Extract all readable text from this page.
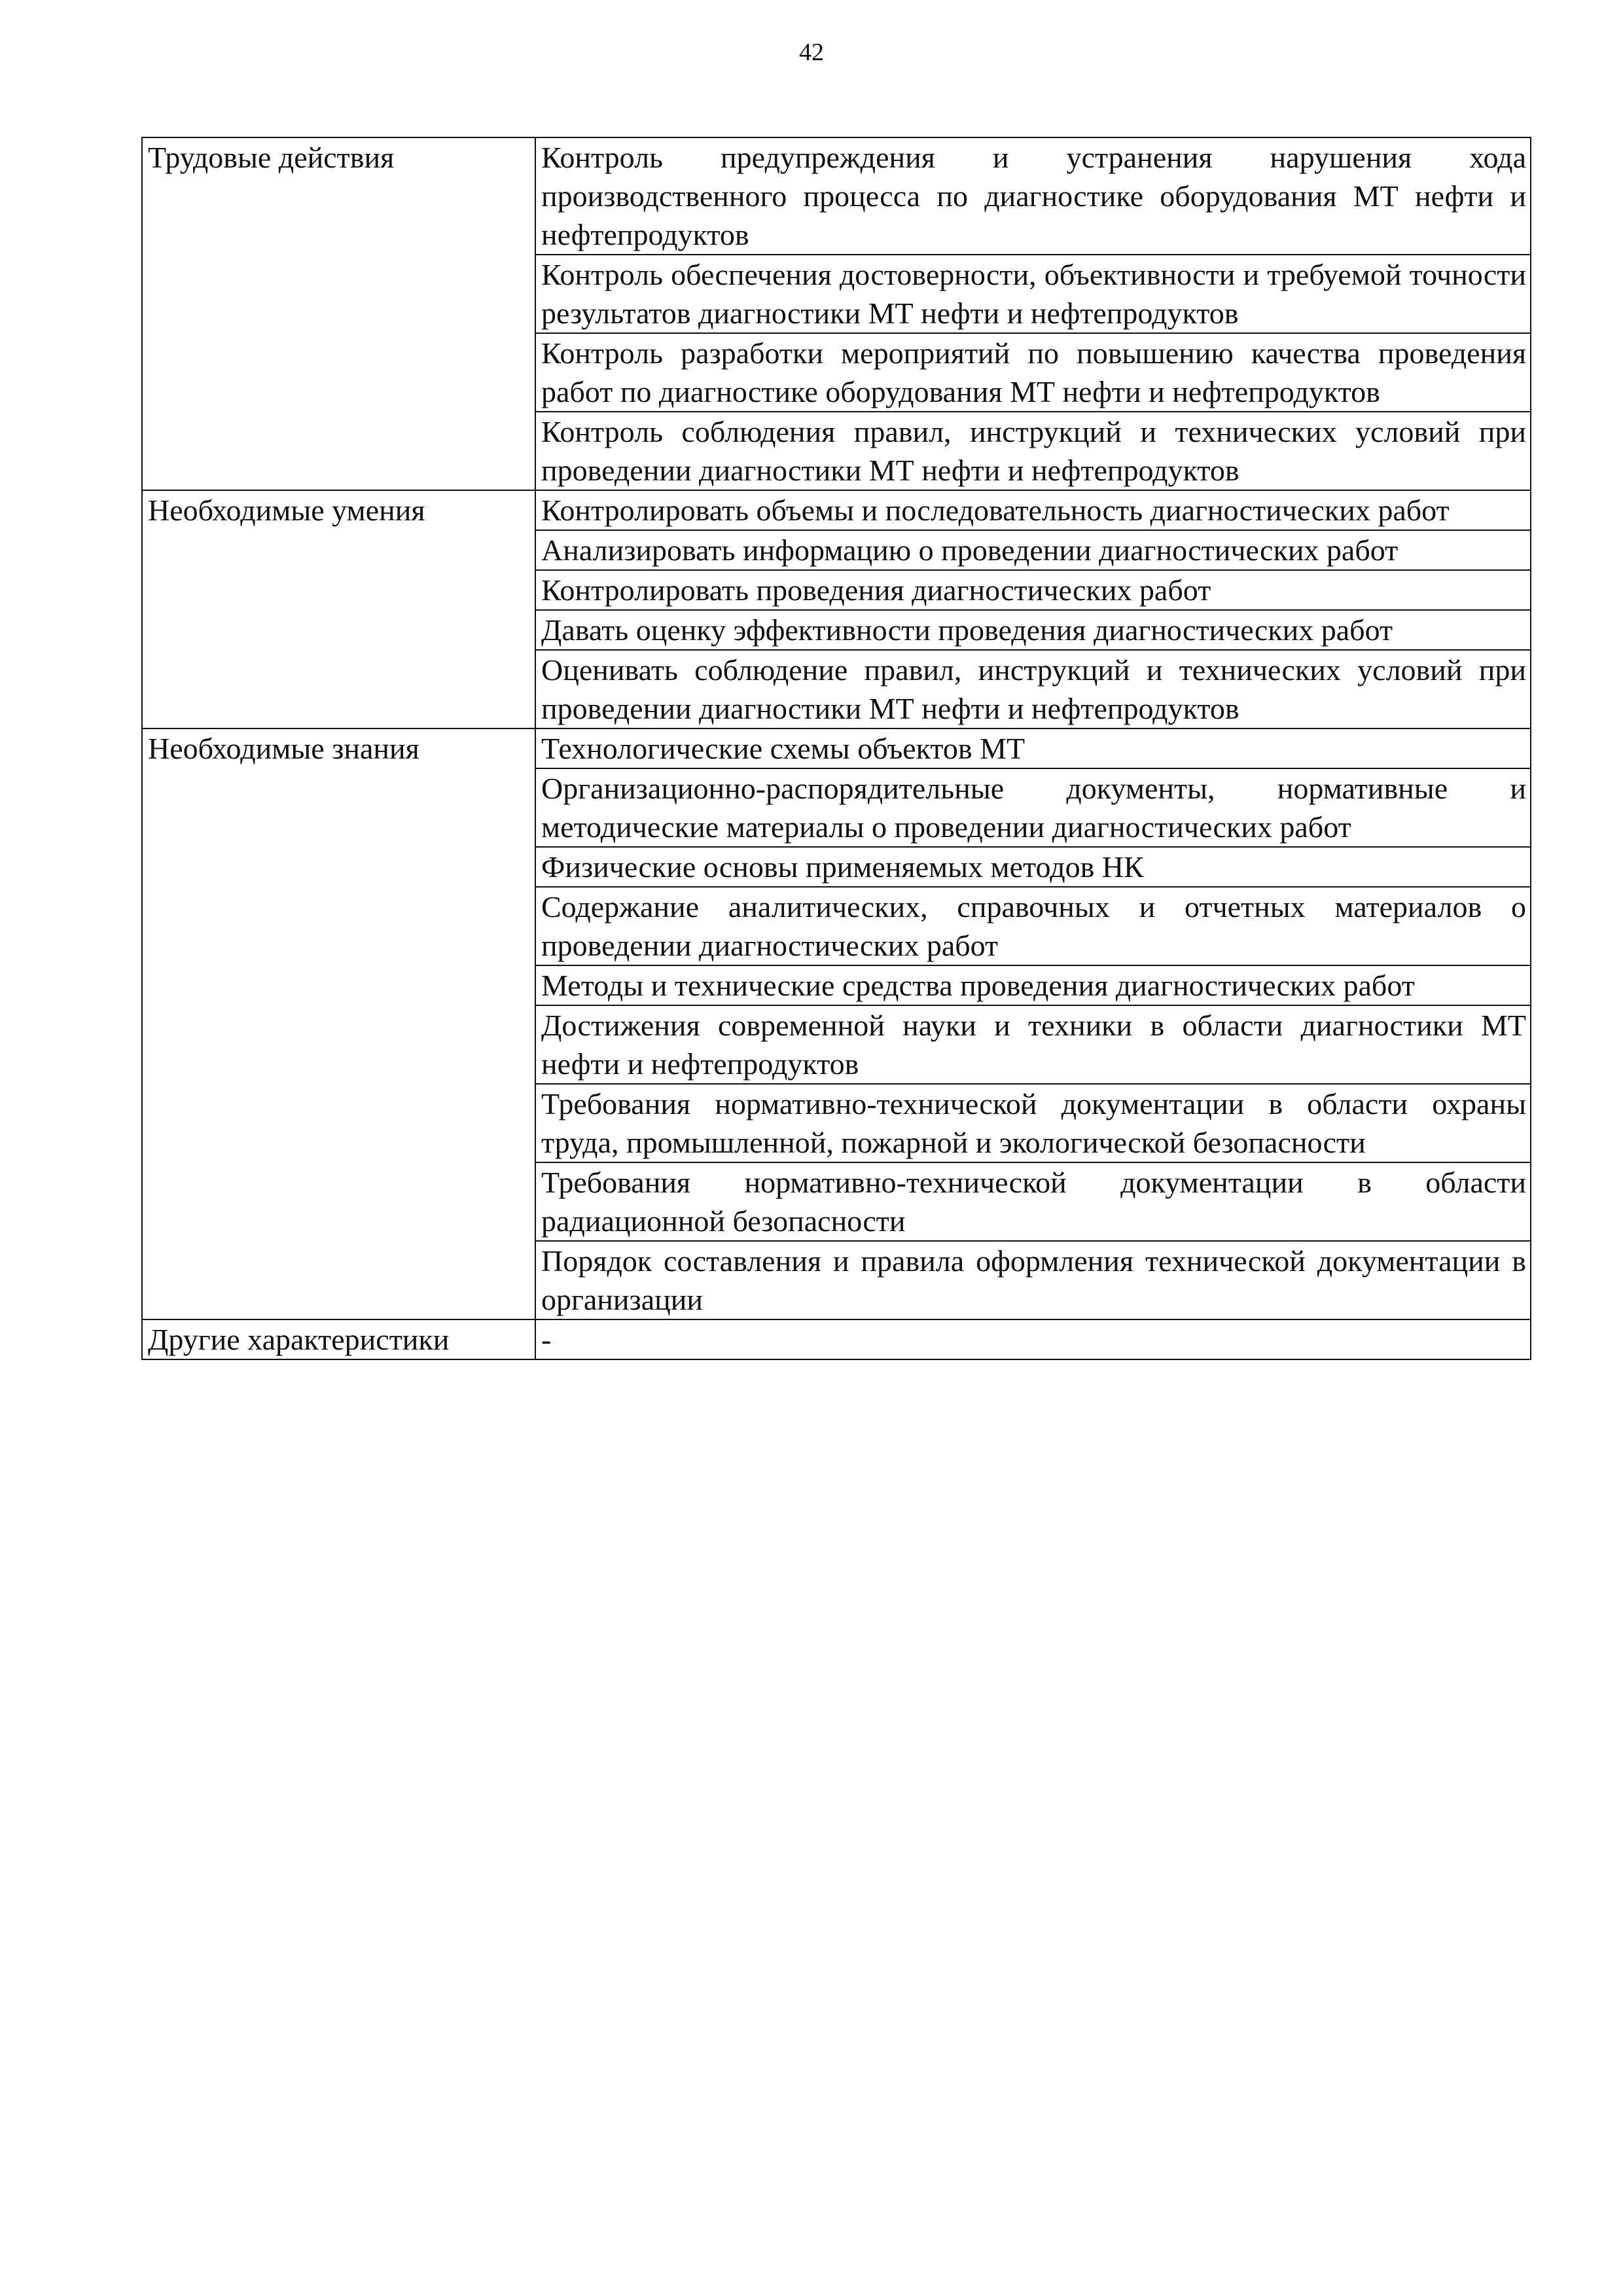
42
Трудовые действия	Контроль предупреждения и устранения нарушения хода производственного процесса по диагностике оборудования МТ нефти и нефтепродуктов
	Контроль обеспечения достоверности, объективности и требуемой точности результатов диагностики МТ нефти и нефтепродуктов
	Контроль разработки мероприятий по повышению качества проведения работ по диагностике оборудования МТ нефти и нефтепродуктов
	Контроль соблюдения правил, инструкций и технических условий при проведении диагностики МТ нефти и нефтепродуктов
Необходимые умения	Контролировать объемы и последовательность диагностических работ
	Анализировать информацию о проведении диагностических работ
	Контролировать проведения диагностических работ
	Давать оценку эффективности проведения диагностических работ
	Оценивать соблюдение правил, инструкций и технических условий при проведении диагностики МТ нефти и нефтепродуктов
Необходимые знания	Технологические схемы объектов МТ
	Организационно-распорядительные документы, нормативные и методические материалы о проведении диагностических работ
	Физические основы применяемых методов НК
	Содержание аналитических, справочных и отчетных материалов о проведении диагностических работ
	Методы и технические средства проведения диагностических работ
	Достижения современной науки и техники в области диагностики МТ нефти и нефтепродуктов
	Требования нормативно-технической документации в области охраны труда, промышленной, пожарной и экологической безопасности
	Требования нормативно-технической документации в области радиационной безопасности
	Порядок составления и правила оформления технической документации в организации
Другие характеристики	-
